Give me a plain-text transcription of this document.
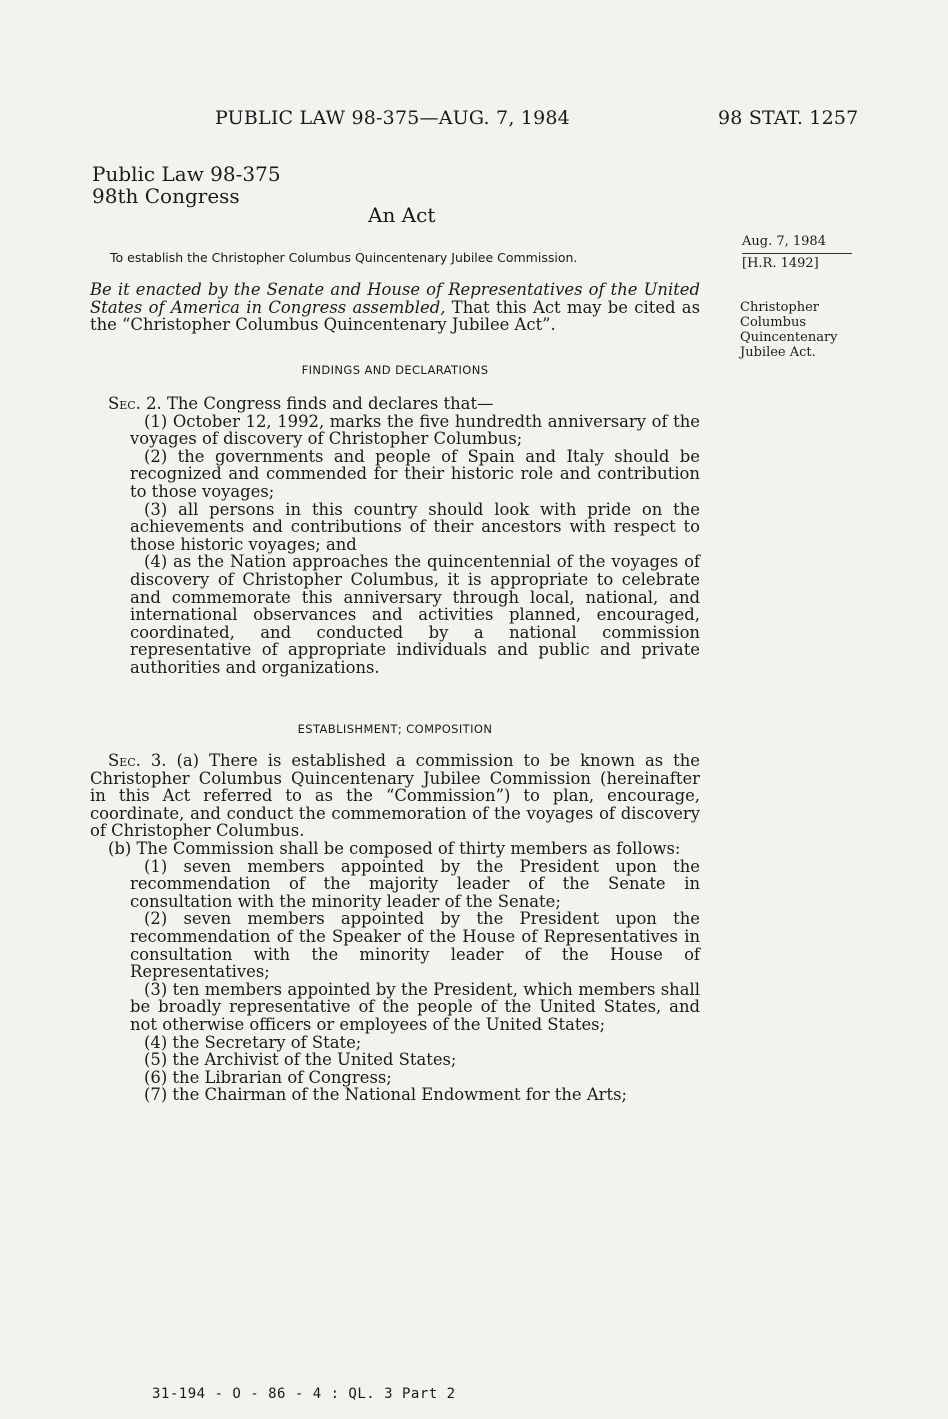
PUBLIC LAW 98-375—AUG. 7, 1984	98 STAT. 1257
Public Law 98-375
98th Congress
An Act
To establish the Christopher Columbus Quincentenary Jubilee Commission.
Aug. 7, 1984
[H.R. 1492]
Christopher
Columbus
Quincentenary
Jubilee Act.
Be it enacted by the Senate and House of Representatives of the United States of America in Congress assembled, That this Act may be cited as the “Christopher Columbus Quincentenary Jubilee Act”.
FINDINGS AND DECLARATIONS
Sec. 2. The Congress finds and declares that—
(1) October 12, 1992, marks the five hundredth anniversary of the voyages of discovery of Christopher Columbus;
(2) the governments and people of Spain and Italy should be recognized and commended for their historic role and contribution to those voyages;
(3) all persons in this country should look with pride on the achievements and contributions of their ancestors with respect to those historic voyages; and
(4) as the Nation approaches the quincentennial of the voyages of discovery of Christopher Columbus, it is appropriate to celebrate and commemorate this anniversary through local, national, and international observances and activities planned, encouraged, coordinated, and conducted by a national commission representative of appropriate individuals and public and private authorities and organizations.
ESTABLISHMENT; COMPOSITION
Sec. 3. (a) There is established a commission to be known as the Christopher Columbus Quincentenary Jubilee Commission (hereinafter in this Act referred to as the “Commission”) to plan, encourage, coordinate, and conduct the commemoration of the voyages of discovery of Christopher Columbus.
(b) The Commission shall be composed of thirty members as follows:
(1) seven members appointed by the President upon the recommendation of the majority leader of the Senate in consultation with the minority leader of the Senate;
(2) seven members appointed by the President upon the recommendation of the Speaker of the House of Representatives in consultation with the minority leader of the House of Representatives;
(3) ten members appointed by the President, which members shall be broadly representative of the people of the United States, and not otherwise officers or employees of the United States;
(4) the Secretary of State;
(5) the Archivist of the United States;
(6) the Librarian of Congress;
(7) the Chairman of the National Endowment for the Arts;
31-194 - O - 86 - 4 : QL. 3 Part 2
